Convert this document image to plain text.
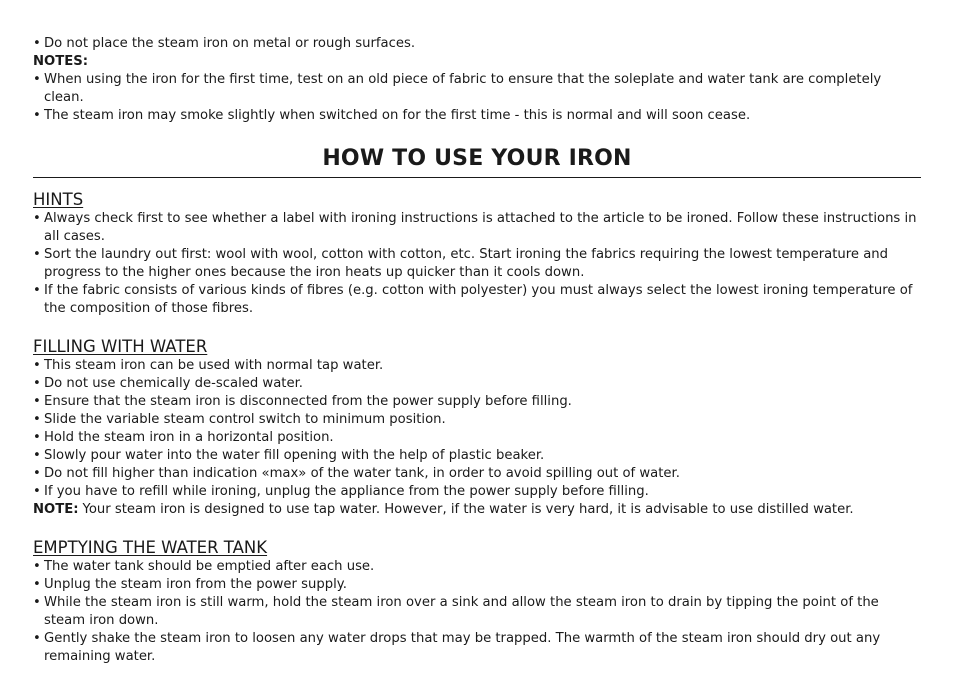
• Do not place the steam iron on metal or rough surfaces.
NOTES:
• When using the iron for the first time, test on an old piece of fabric to ensure that the soleplate and water tank are completely clean.
• The steam iron may smoke slightly when switched on for the first time - this is normal and will soon cease.
HOW TO USE YOUR IRON
HINTS
• Always check first to see whether a label with ironing instructions is attached to the article to be ironed. Follow these instructions in all cases.
• Sort the laundry out first: wool with wool, cotton with cotton, etc. Start ironing the fabrics requiring the lowest temperature and progress to the higher ones because the iron heats up quicker than it cools down.
• If the fabric consists of various kinds of fibres (e.g. cotton with polyester) you must always select the lowest ironing temperature of the composition of those fibres.
FILLING WITH WATER
• This steam iron can be used with normal tap water.
• Do not use chemically de-scaled water.
• Ensure that the steam iron is disconnected from the power supply before filling.
• Slide the variable steam control switch to minimum position.
• Hold the steam iron in a horizontal position.
• Slowly pour water into the water fill opening with the help of plastic beaker.
• Do not fill higher than indication «max» of the water tank, in order to avoid spilling out of water.
• If you have to refill while ironing, unplug the appliance from the power supply before filling.
NOTE: Your steam iron is designed to use tap water. However, if the water is very hard, it is advisable to use distilled water.
EMPTYING THE WATER TANK
• The water tank should be emptied after each use.
• Unplug the steam iron from the power supply.
• While the steam iron is still warm, hold the steam iron over a sink and allow the steam iron to drain by tipping the point of the steam iron down.
• Gently shake the steam iron to loosen any water drops that may be trapped. The warmth of the steam iron should dry out any remaining water.
